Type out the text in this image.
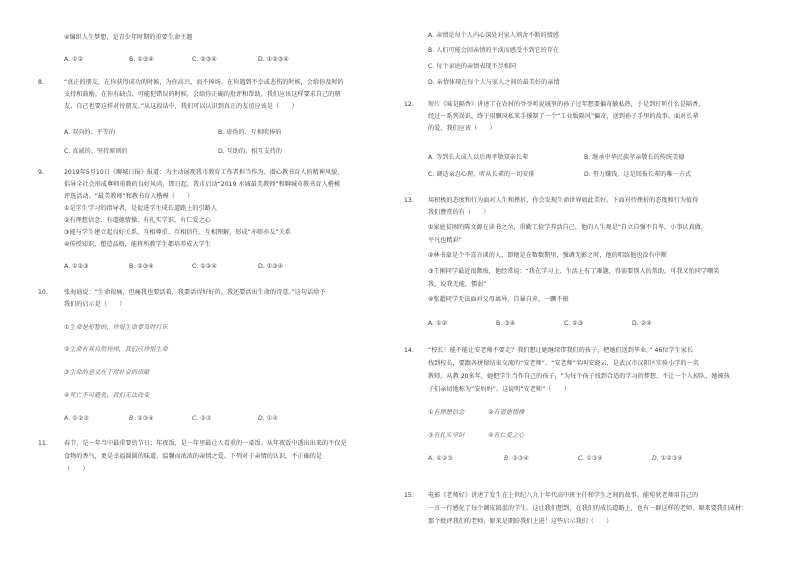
④编织人生梦想，是青少年时期的重要生命主题
A. ①②	B. ①③④	C. ②③④	D. ①②③④
8.	“真正的朋友，在你获得成功的时候，为你高兴，而不捧场。在你遇到不幸或悲伤的时候，会给你及时的
支持和鼓励。在你有缺点、可能犯错误的时候，会给你正确的批评和帮助。我们应该这样要求自己的朋
友，自己也要这样对待朋友。”从这段话中，我们可以认识到真正的友谊应该是（　　）
A. 双向的、平等的	B. 虚伪的、互相吹捧的
C. 真诚的、坚持原则的	D. 互助的、相互支持的
9.	2019年5月10日《聊城日报》报道：为主动展现我市教育工作者担当作为、潜心教书育人的精神风貌，
倡导全社会形成尊师重教的良好风尚，即日起，我市启动“2019 水城最美教师”和聊城市教书育人楷模
评选活动。“最美教师”和教书育人楷模（　　）
①是学生学习的指导者，是促进学生成长道路上的引路人
②有理想信念、有道德情操、有扎实学识、有仁爱之心
③能与学生建立起良好关系，互相尊重、互相信任、互相理解，形成“亦师亦友”关系
④传授知识，塑造品格，能将所教学生都培养成大学生
A. ①②③	B. ②③④	C. ①②④	D. ①③④
10.	张海迪说：“生命很痛，但痛我也要活着，我要活得好好的。我还要活出生命的诗意。”这句话给予
我们的启示是（　　）
①生命是短暂的，珍惜生命要及时行乐
②生命有其自然规律，我们应珍惜生命
③生命的意义在于对社会的贡献
④死亡不可避免，我们无法改变
A. ①②③	B. ②③④	C. ②③	D. ①④
11.	春节，是一年当中最重要的节日；年夜饭，是一年里最让人看重的一桌饭。从年夜饭中透出出来的不仅是
食物的香气，更是幸福圆圆的味道，温馨而浓浓的亲情之爱。下列对于亲情的认识，不正确的是
（　　）
A. 亲情是每个人内心深处对家人割舍不断的情感
B. 人们可能会因亲情的平淡而感受不到它的存在
C. 每个家庭的亲情表现不尽相同
D. 亲情体现在每个人与家人之间的最美好的亲情
12. 短片《味是隔香》讲述了在农村的爷爷听说城里的孙子过年想要偏奇敏私热，于是到打听什么是隔香，
经过一系列误识，终于用飘风私来手撑制了一个“工业版隔风”偏奇，送到孙子手里的故事。面对长辈
的爱，我们应该（　　）
A. 等到长大成人以后再孝敬双亲长辈	B. 继承中华民族孝亲敬长的传统美德
C. 调适亲忍心理，听从长辈的一切安排	D. 努力赚钱，这是回报长辈的唯一方式
13. 用积极的态度和行为面对人生和挫折，你会发现生命世界如此美好。下面对待挫折的态度和行为值得
我们赞赏的有（　　）
①家庭贫困的陈文源在读书之余，重勤工俭学养活自己，他的人生观是“自立自强不自卑，小事认真做，
平凡也精彩”
②林书豪是个不喜言谈的人，即便是在数数期里，强调无影之时，他的唱练他也没有中断
③王刚同学最近很颓废，他经常说：“我在学习上、生活上有了难题，得需要别人的帮助，可我又怕同学嘲笑
我，说我无能，懦弱”
④张超同学无法面对父母离异，自暴自弃，一蹶不振
A. ①②	B. ③④	C. ①③	D. ②④
14. “校长！能不能让安老师不要走？我们想让她继续带我们的孩子，把她们送到毕业。” 46位学生家长
找到校长，要跟各拼留结束交流的“安老师”。“安老师”名叫安晓云，是武汉市汉阳区实验小学的一名
教师。从教 20多年，她把学生当作自己的孩子，“为每个孩子找到合适的学习的梦想，不让一个人掉队，她被孩
子们亲切地称为“安妈妈”。这说明“安老师”（　　）
①有理想信念	②有道德情操
③有扎实学识	④有仁爱之心
A. ①②③	B. ②③④	C. ①③④	D. ①②③④
15. 电影《老师好》讲述了发生在上世纪八九十年代高中班主任和学生之间的故事。能宛狄老师用自己的
一言一行感化了每个调皮捣蛋的学生。这让我们想到，在我们的成长道路上，也有一群这样的老师，原来要我们成材：
那个批评我们的老师，原来是期盼我们上进！这些启示我们（　　）
